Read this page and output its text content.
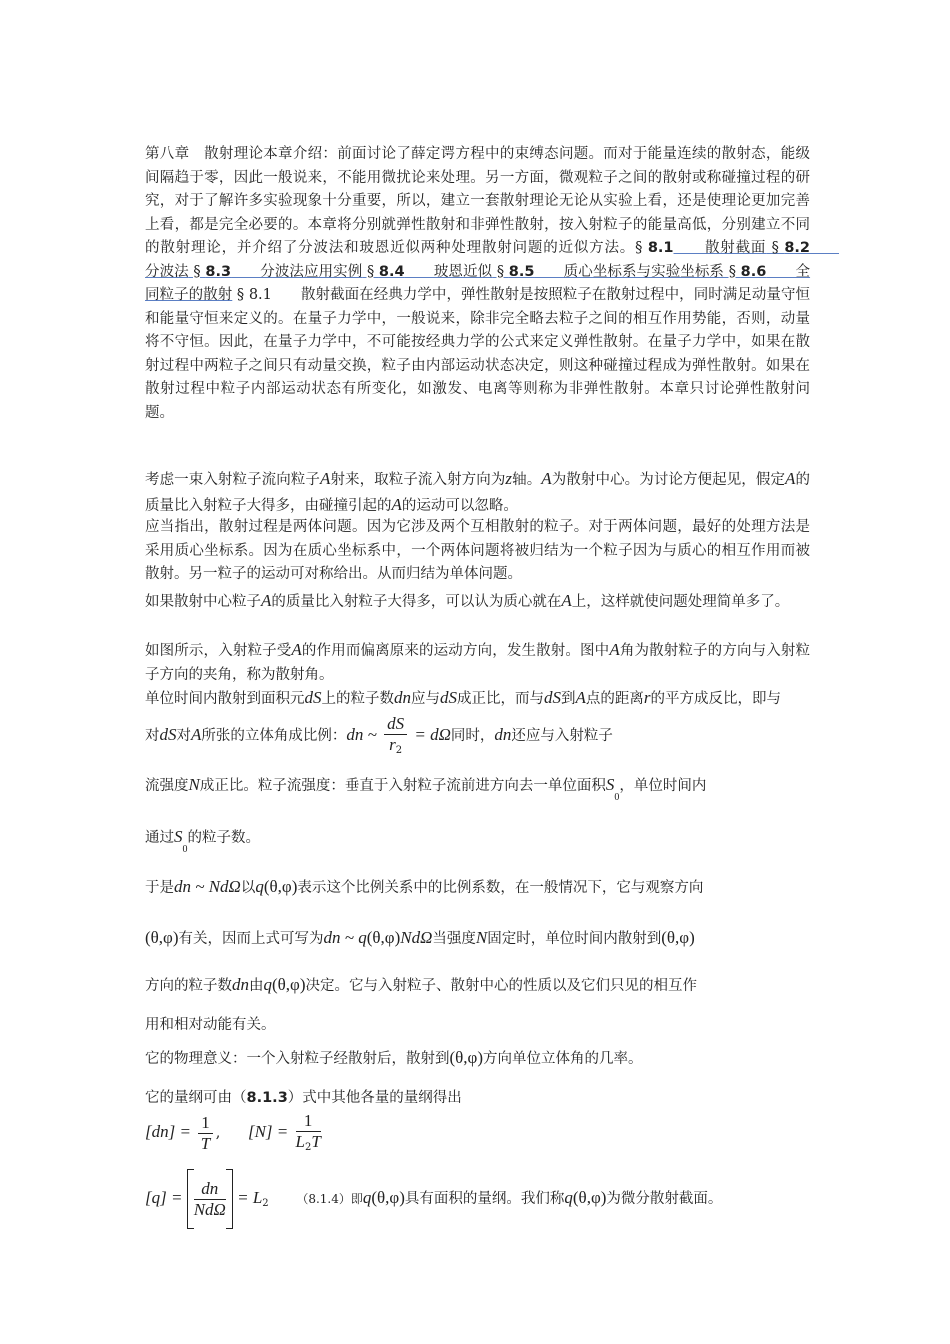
第八章　散射理论本章介绍：前面讨论了薛定谔方程中的束缚态问题。而对于能量连续的散射态，能级间隔趋于零，因此一般说来，不能用微扰论来处理。另一方面，微观粒子之间的散射或称碰撞过程的研究，对于了解许多实验现象十分重要，所以，建立一套散射理论无论从实验上看，还是使理论更加完善上看，都是完全必要的。本章将分别就弹性散射和非弹性散射，按入射粒子的能量高低，分别建立不同的散射理论，并介绍了分波法和玻恩近似两种处理散射问题的近似方法。§ 8.1　　散射截面 § 8.2　　分波法 § 8.3　　分波法应用实例 § 8.4　　玻恩近似 § 8.5　　质心坐标系与实验坐标系 § 8.6　　全同粒子的散射 § 8.1　　散射截面在经典力学中，弹性散射是按照粒子在散射过程中，同时满足动量守恒和能量守恒来定义的。在量子力学中，一般说来，除非完全略去粒子之间的相互作用势能，否则，动量将不守恒。因此，在量子力学中，不可能按经典力学的公式来定义弹性散射。在量子力学中，如果在散射过程中两粒子之间只有动量交换，粒子由内部运动状态决定，则这种碰撞过程成为弹性散射。如果在散射过程中粒子内部运动状态有所变化，如激发、电离等则称为非弹性散射。本章只讨论弹性散射问题。
考虑一束入射粒子流向粒子A射来，取粒子流入射方向为z轴。A为散射中心。为讨论方便起见，假定A的质量比入射粒子大得多，由碰撞引起的A的运动可以忽略。
应当指出，散射过程是两体问题。因为它涉及两个互相散射的粒子。对于两体问题，最好的处理方法是采用质心坐标系。因为在质心坐标系中，一个两体问题将被归结为一个粒子因为与质心的相互作用而被散射。另一粒子的运动可对称给出。从而归结为单体问题。
如果散射中心粒子A的质量比入射粒子大得多，可以认为质心就在A上，这样就使问题处理简单多了。
如图所示，入射粒子受A的作用而偏离原来的运动方向，发生散射。图中A角为散射粒子的方向与入射粒子方向的夹角，称为散射角。
单位时间内散射到面积元dS上的粒子数dn应与dS成正比，而与dS到A点的距离r的平方成反比，即与
对dS对A所张的立体角成比例：dn ~ $\frac{dS}{r_2} = d\Omega$同时，dn还应与入射粒子
流强度N成正比。粒子流强度：垂直于入射粒子流前进方向去一单位面积$S_0$，单位时间内
通过$S_0$的粒子数。
于是dn ~ NdΩ以q(θ,φ)表示这个比例关系中的比例系数，在一般情况下，它与观察方向
(θ,φ)有关，因而上式可写为dn ~ q(θ,φ)NdΩ当强度N固定时，单位时间内散射到(θ,φ)
方向的粒子数dn由q(θ,φ)决定。它与入射粒子、散射中心的性质以及它们只见的相互作
用和相对动能有关。
它的物理意义：一个入射粒子经散射后，散射到(θ,φ)方向单位立体角的几率。
它的量纲可由（8.1.3）式中其他各量的量纲得出
$[dn] = \frac{1}{T}$ ,      $[N] = \frac{1}{L_2T}$
$[q] = \frac{dn}{\text{NdΩ}} = L_2$ （8.1.4）即q(θ,φ)具有面积的量纲。我们称q(θ,φ)为微分散射截面。
